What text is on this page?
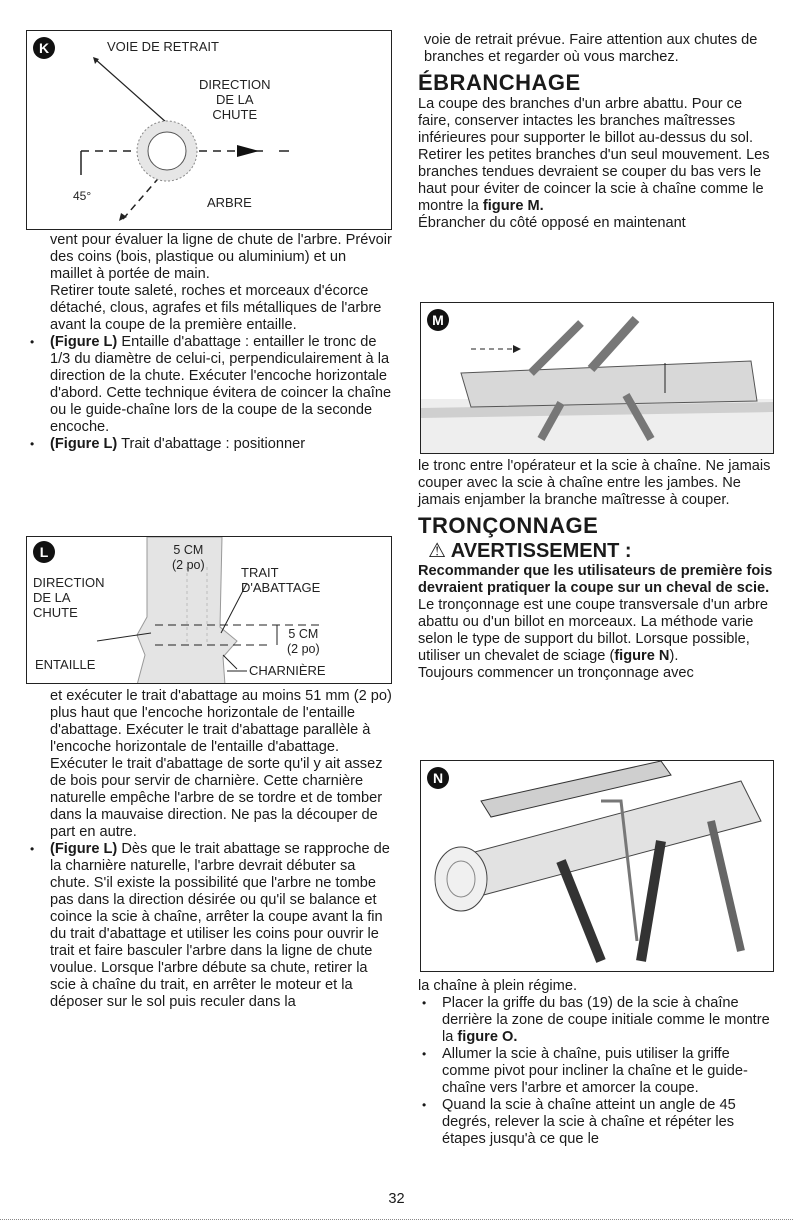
K	VOIE DE RETRAIT
DIRECTION
DE LA
CHUTE
45°	ARBRE

vent pour évaluer la ligne de chute de l'arbre. Prévoir des coins (bois, plastique ou aluminium) et un maillet à portée de main.

Retirer toute saleté, roches et morceaux d'écorce détaché, clous, agrafes et fils métalliques de l'arbre avant la coupe de la première entaille.

• (Figure L) Entaille d'abattage : entailler le tronc de 1/3 du diamètre de celui-ci, perpendiculairement à la direction de la chute. Exécuter l'encoche horizontale d'abord. Cette technique évitera de coincer la chaîne ou le guide-chaîne lors de la coupe de la seconde encoche.

• (Figure L) Trait d'abattage : positionner

L
DIRECTION
DE LA
CHUTE
ENTAILLE
5 CM
(2 po)	TRAIT
D'ABATTAGE
5 CM
(2 po)
CHARNIÈRE

et exécuter le trait d'abattage au moins 51 mm (2 po) plus haut que l'encoche horizontale de l'entaille d'abattage. Exécuter le trait d'abattage parallèle à l'encoche horizontale de l'entaille d'abattage. Exécuter le trait d'abattage de sorte qu'il y ait assez de bois pour servir de charnière. Cette charnière naturelle empêche l'arbre de se tordre et de tomber dans la mauvaise direction. Ne pas la découper de part en autre.

• (Figure L) Dès que le trait abattage se rapproche de la charnière naturelle, l'arbre devrait débuter sa chute. S'il existe la possibilité que l'arbre ne tombe pas dans la direction désirée ou qu'il se balance et coince la scie à chaîne, arrêter la coupe avant la fin du trait d'abattage et utiliser les coins pour ouvrir le trait et faire basculer l'arbre dans la ligne de chute voulue. Lorsque l'arbre débute sa chute, retirer la scie à chaîne du trait, en arrêter le moteur et la déposer sur le sol puis reculer dans la

voie de retrait prévue. Faire attention aux chutes de branches et regarder où vous marchez.

ÉBRANCHAGE

La coupe des branches d'un arbre abattu. Pour ce faire, conserver intactes les branches maîtresses inférieures pour supporter le billot au-dessus du sol. Retirer les petites branches d'un seul mouvement. Les branches tendues devraient se couper du bas vers le haut pour éviter de coincer la scie à chaîne comme le montre la figure M.

Ébrancher du côté opposé en maintenant

M

le tronc entre l'opérateur et la scie à chaîne. Ne jamais couper avec la scie à chaîne entre les jambes. Ne jamais enjamber la branche maîtresse à couper.

TRONÇONNAGE
⚠ AVERTISSEMENT :

Recommander que les utilisateurs de première fois devraient pratiquer la coupe sur un cheval de scie.

Le tronçonnage est une coupe transversale d'un arbre abattu ou d'un billot en morceaux. La méthode varie selon le type de support du billot. Lorsque possible, utiliser un chevalet de sciage (figure N).

Toujours commencer un tronçonnage avec

N

la chaîne à plein régime.

• Placer la griffe du bas (19) de la scie à chaîne derrière la zone de coupe initiale comme le montre la figure O.

• Allumer la scie à chaîne, puis utiliser la griffe comme pivot pour incliner la chaîne et le guide-chaîne vers l'arbre et amorcer la coupe.

• Quand la scie à chaîne atteint un angle de 45 degrés, relever la scie à chaîne et répéter les étapes jusqu'à ce que le

32
